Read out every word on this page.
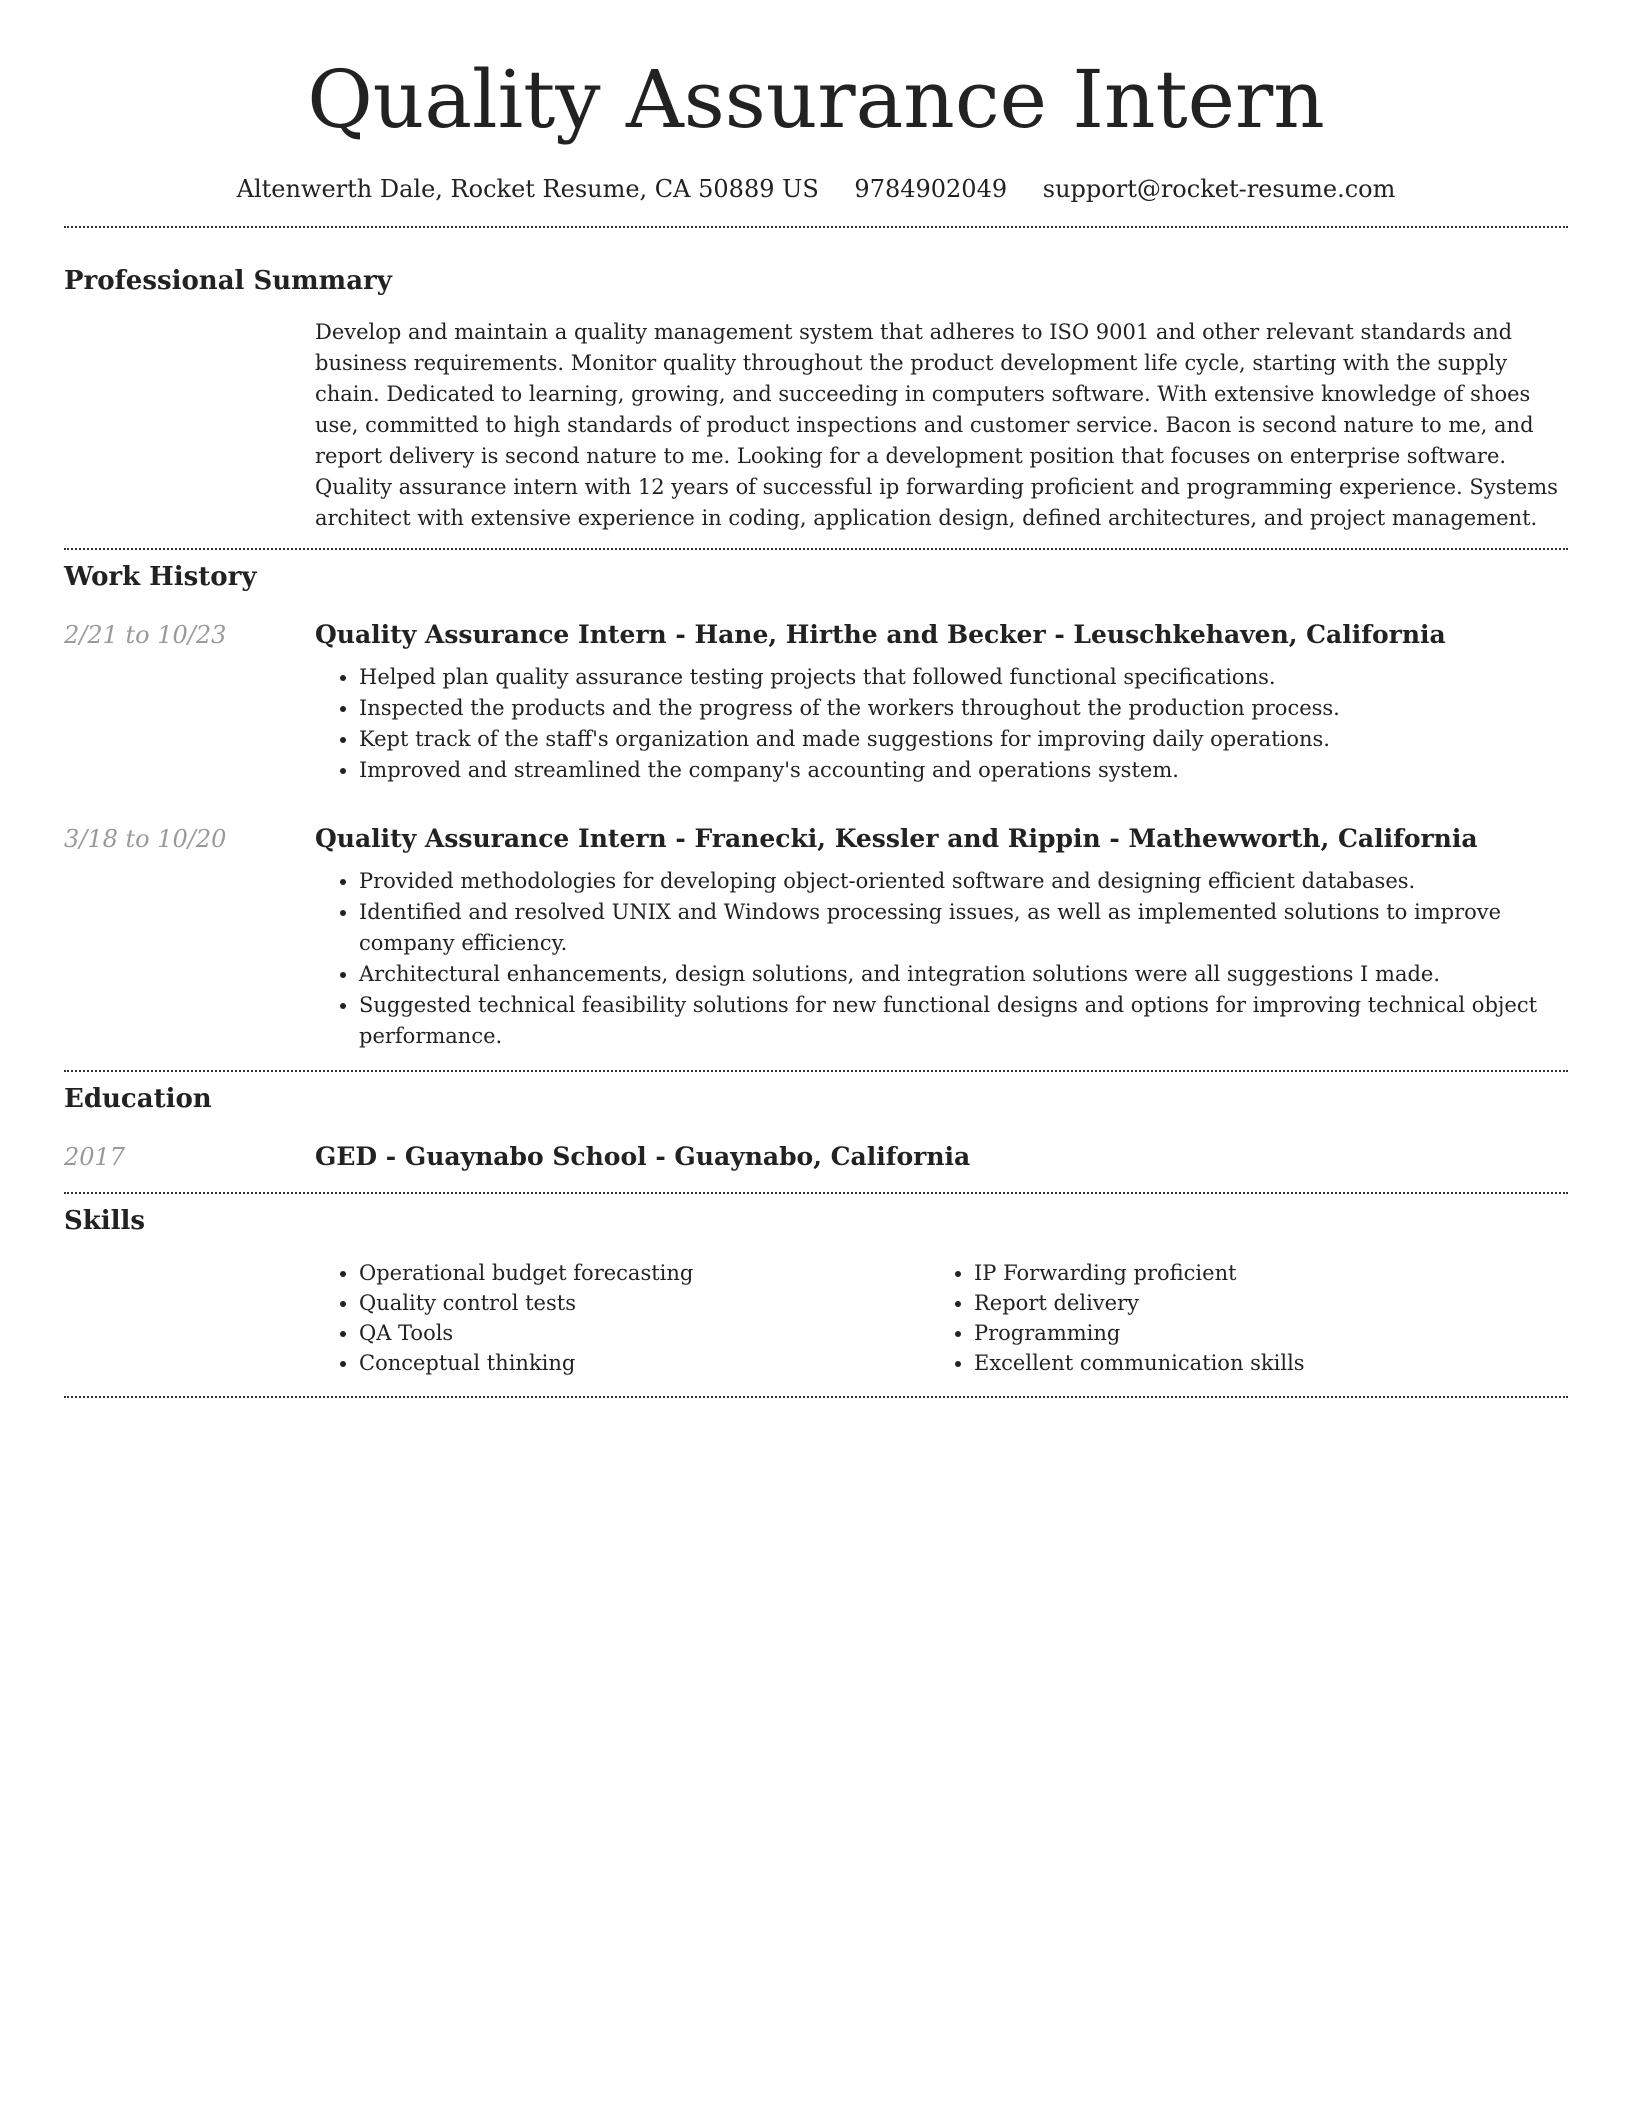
Quality Assurance Intern
Altenwerth Dale, Rocket Resume, CA 50889 US 9784902049 support@rocket-resume.com
Professional Summary

Develop and maintain a quality management system that adheres to ISO 9001 and other relevant standards and business requirements. Monitor quality throughout the product development life cycle, starting with the supply chain. Dedicated to learning, growing, and succeeding in computers software. With extensive knowledge of shoes use, committed to high standards of product inspections and customer service. Bacon is second nature to me, and report delivery is second nature to me. Looking for a development position that focuses on enterprise software. Quality assurance intern with 12 years of successful ip forwarding proficient and programming experience. Systems architect with extensive experience in coding, application design, defined architectures, and project management.

Work History
2/21 to 10/23	Quality Assurance Intern - Hane, Hirthe and Becker - Leuschkehaven, California
• Helped plan quality assurance testing projects that followed functional specifications.
• Inspected the products and the progress of the workers throughout the production process.
• Kept track of the staff's organization and made suggestions for improving daily operations.
• Improved and streamlined the company's accounting and operations system.
3/18 to 10/20	Quality Assurance Intern - Franecki, Kessler and Rippin - Mathewworth, California
• Provided methodologies for developing object-oriented software and designing efficient databases.
• Identified and resolved UNIX and Windows processing issues, as well as implemented solutions to improve company efficiency.
• Architectural enhancements, design solutions, and integration solutions were all suggestions I made.
• Suggested technical feasibility solutions for new functional designs and options for improving technical object performance.
Education
2017	GED - Guaynabo School - Guaynabo, California
Skills
• Operational budget forecasting
• Quality control tests
• QA Tools
• Conceptual thinking
• IP Forwarding proficient
• Report delivery
• Programming
• Excellent communication skills
